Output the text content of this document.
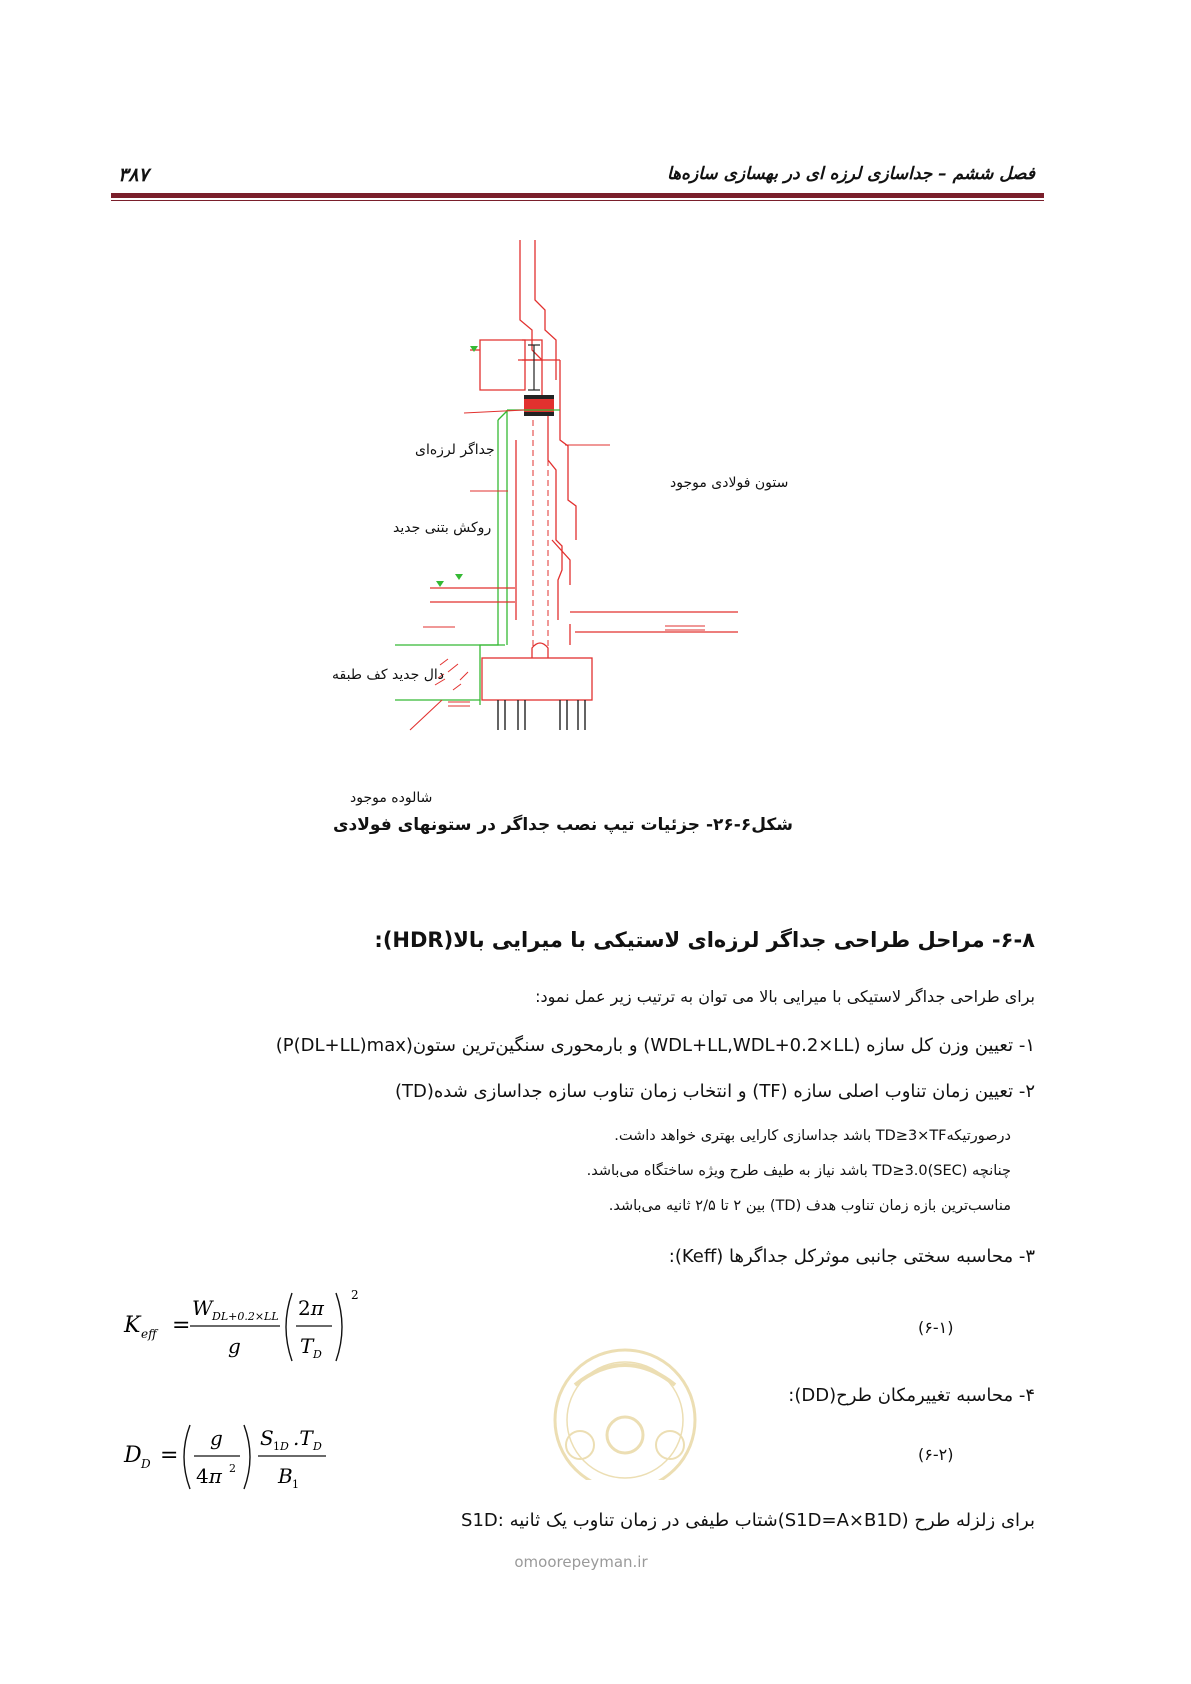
فصل ششم – جداسازی لرزه ای در بهسازی سازه‌ها
۳۸۷
جداگر لرزه‌ای
ستون فولادی موجود
روکش بتنی جدید
دال جدید کف طبقه
شالوده موجود
شکل۶-۲۶- جزئیات تیپ نصب جداگر در ستونهای فولادی
۶-۸- مراحل طراحی جداگر لرزه‌ای لاستیکی با میرایی بالا(HDR):
برای طراحی جداگر لاستیکی با میرایی بالا می توان به ترتیب زیر عمل نمود:
۱- تعیین وزن کل سازه (WDL+LL,WDL+0.2×LL) و بارمحوری سنگین‌ترین ستون(P(DL+LL)max)
۲- تعیین زمان تناوب اصلی سازه (TF) و انتخاب زمان تناوب سازه جداسازی شده(TD)
درصورتیکهTD≥3×TF باشد جداسازی کارایی بهتری خواهد داشت.
چنانچه TD≥3.0(SEC) باشد نیاز به طیف طرح ویژه ساختگاه می‌باشد.
مناسب‌ترین بازه زمان تناوب هدف (TD) بین ۲ تا ۲/۵ ثانیه می‌باشد.
۳- محاسبه سختی جانبی موثرکل جداگرها (Keff):
K eff =
W DL+0.2×LL
g
2π
T D
2
(۶-۱)
۴- محاسبه تغییرمکان طرح(DD):
D D =
g
4π 2
S 1D .T D
B 1
(۶-۲)
S1D: شتاب طیفی در زمان تناوب یک ثانیه(S1D=A×B1D) برای زلزله طرح
omoorepeyman.ir
